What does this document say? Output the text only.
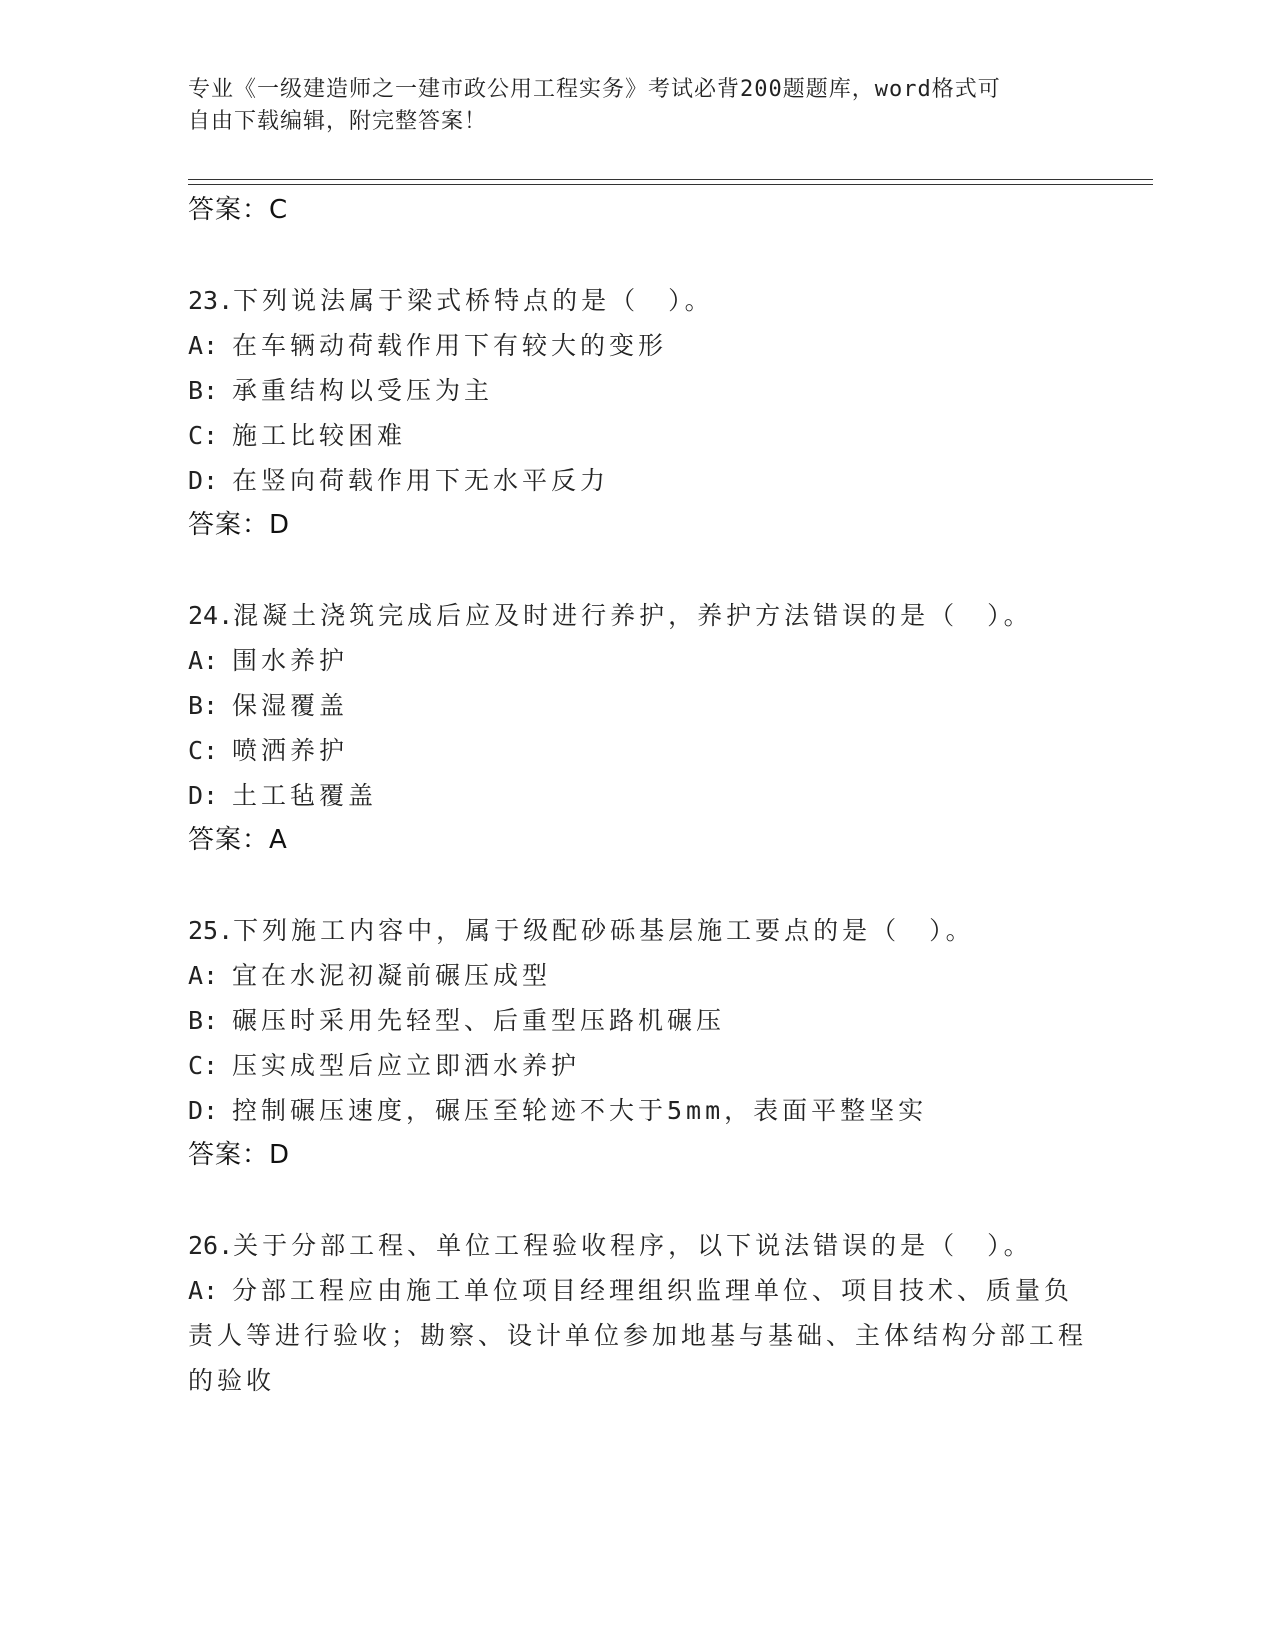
专业《一级建造师之一建市政公用工程实务》考试必背200题题库，word格式可
自由下载编辑，附完整答案！
答案：C
23.下列说法属于梁式桥特点的是（　）。
A: 在车辆动荷载作用下有较大的变形
B: 承重结构以受压为主
C: 施工比较困难
D: 在竖向荷载作用下无水平反力
答案：D
24.混凝土浇筑完成后应及时进行养护，养护方法错误的是（　）。
A: 围水养护
B: 保湿覆盖
C: 喷洒养护
D: 土工毡覆盖
答案：A
25.下列施工内容中，属于级配砂砾基层施工要点的是（　）。
A: 宜在水泥初凝前碾压成型
B: 碾压时采用先轻型、后重型压路机碾压
C: 压实成型后应立即洒水养护
D: 控制碾压速度，碾压至轮迹不大于5mm，表面平整坚实
答案：D
26.关于分部工程、单位工程验收程序，以下说法错误的是（　）。
A: 分部工程应由施工单位项目经理组织监理单位、项目技术、质量负责人等进行验收；勘察、设计单位参加地基与基础、主体结构分部工程的验收
